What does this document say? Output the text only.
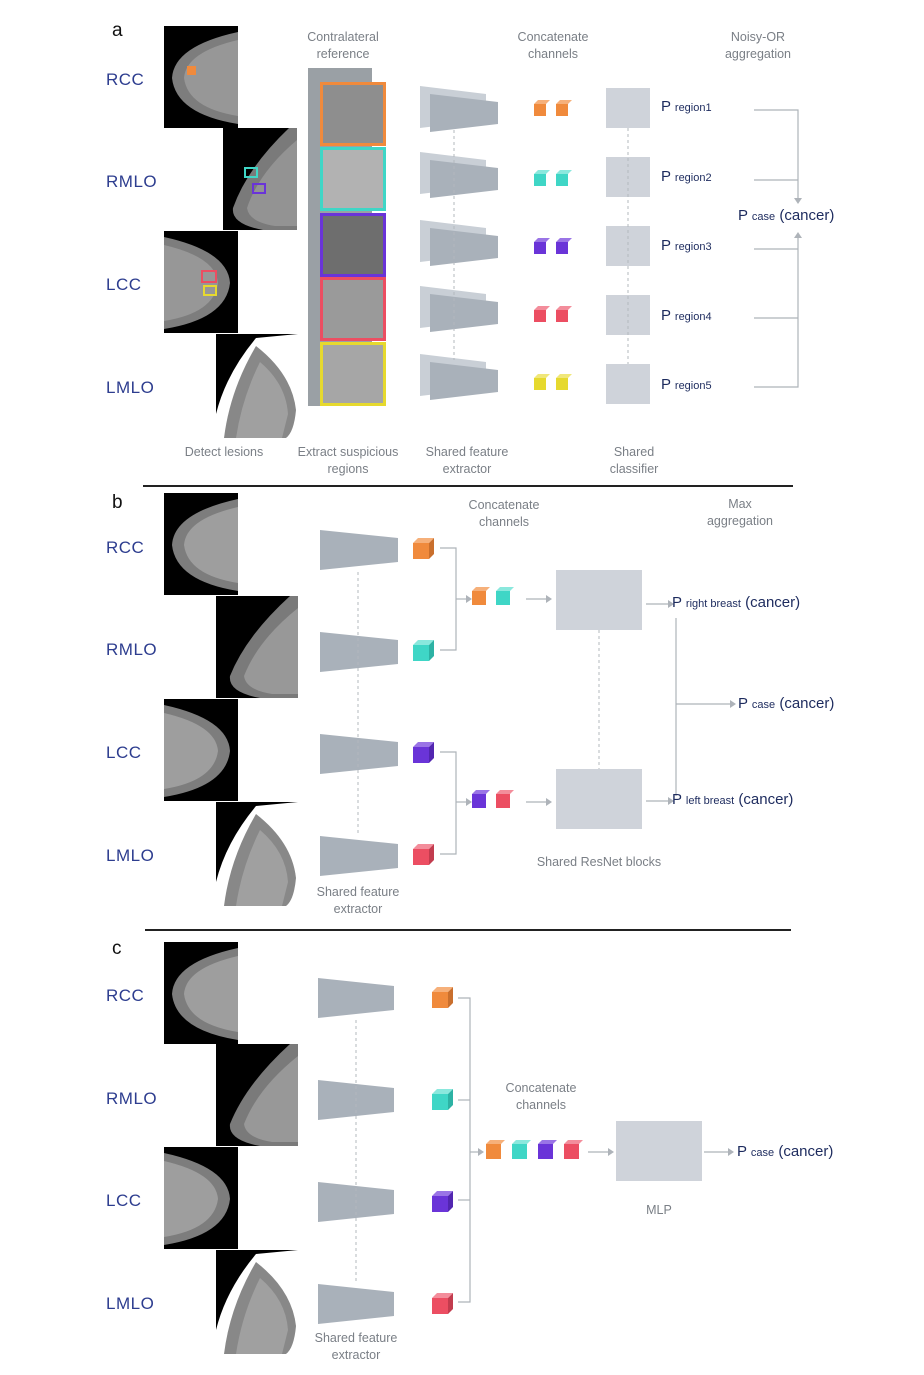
a
RCC
RMLO
LCC
LMLO
Contralateral reference
Concatenate channels
Noisy-OR aggregation
P region1
P region2
P region3
P region4
P region5
P case (cancer)
Detect lesions	Extract suspicious regions
Shared feature extractor
Shared classifier
b
RCC
RMLO
LCC
LMLO
Concatenate channels
Max aggregation
P right breast (cancer)
P case (cancer)
P left breast (cancer)
Shared ResNet blocks
Shared feature extractor
c
RCC
RMLO
LCC
LMLO
Concatenate channels
MLP
P case (cancer)
Shared feature extractor
